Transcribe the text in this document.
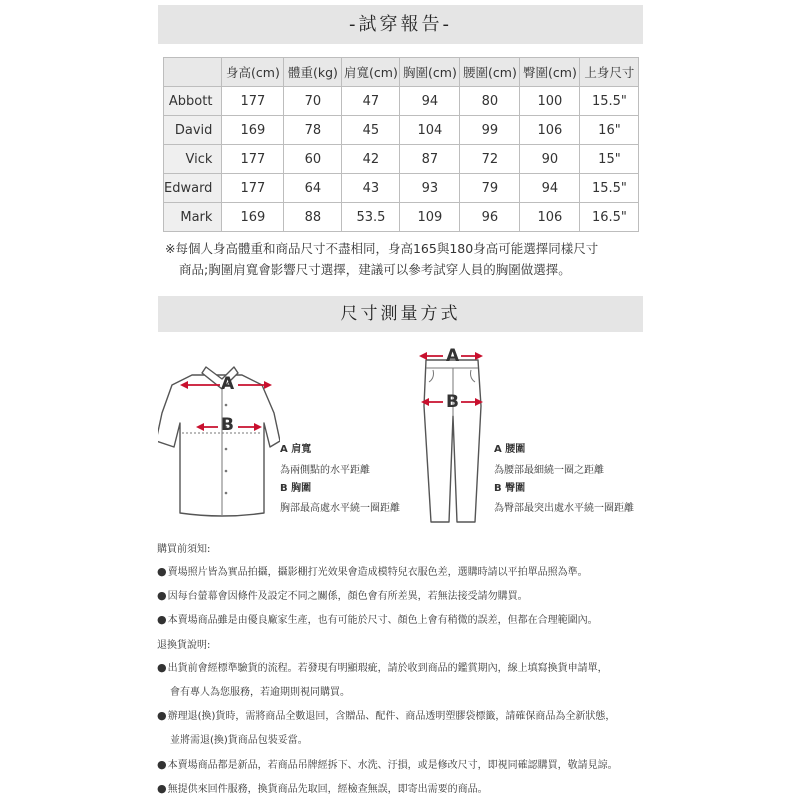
-試穿報告-
	身高(cm)	體重(kg)	肩寬(cm)	胸圍(cm)	腰圍(cm)	臀圍(cm)	上身尺寸
Abbott	177	70	47	94	80	100	15.5"
David	169	78	45	104	99	106	16"
Vick	177	60	42	87	72	90	15"
Edward	177	64	43	93	79	94	15.5"
Mark	169	88	53.5	109	96	106	16.5"
※每個人身高體重和商品尺寸不盡相同，身高165與180身高可能選擇同樣尺寸
商品;胸圍肩寬會影響尺寸選擇，建議可以參考試穿人員的胸圍做選擇。
尺寸測量方式
A
B
A 肩寬
為兩側點的水平距離
B 胸圍
胸部最高處水平繞一圈距離
A
B
A 腰圍
為腰部最細繞一圈之距離
B 臀圍
為臀部最突出處水平繞一圈距離
購買前須知:
●賣場照片皆為實品拍攝，攝影棚打光效果會造成模特兒衣服色差，選購時請以平拍單品照為準。
●因每台螢幕會因條件及設定不同之關係，顏色會有所差異，若無法接受請勿購買。
●本賣場商品雖是由優良廠家生產，也有可能於尺寸、顏色上會有稍微的誤差，但都在合理範圍內。
退換貨說明:
●出貨前會經標準驗貨的流程。若發現有明顯瑕疵，請於收到商品的鑑賞期內，線上填寫換貨申請單，
會有專人為您服務，若逾期則視同購買。
●辦理退(換)貨時，需將商品全數退回，含贈品、配件、商品透明塑膠袋標籤，請確保商品為全新狀態，
並將需退(換)貨商品包裝妥當。
●本賣場商品都是新品，若商品吊牌經拆下、水洗、汙損，或是修改尺寸，即視同確認購買，敬請見諒。
●無提供來回件服務，換貨商品先取回，經檢查無誤，即寄出需要的商品。
